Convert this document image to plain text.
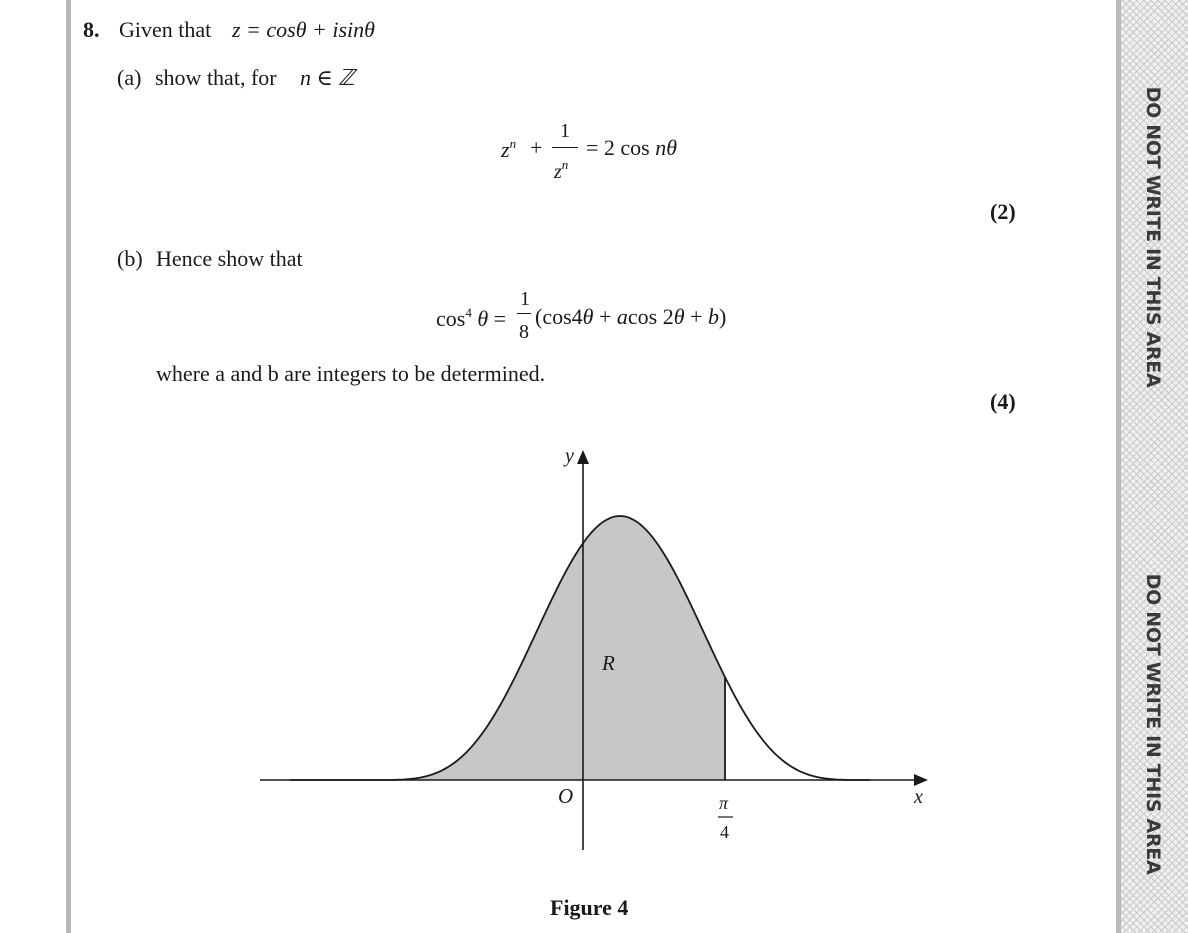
DO NOT WRITE IN THIS AREA
DO NOT WRITE IN THIS AREA
8. Given that z = cosθ + isinθ
(a) show that, for n ∈ ℤ
$z^n$ +
1
$z^n$
= 2 cos nθ
(2)
(b) Hence show that
$\cos^4 \theta$ =
1
8
(cos4θ + acos 2θ + b)
where a and b are integers to be determined.
(4)
y
x
O
R
π
4
Figure 4
